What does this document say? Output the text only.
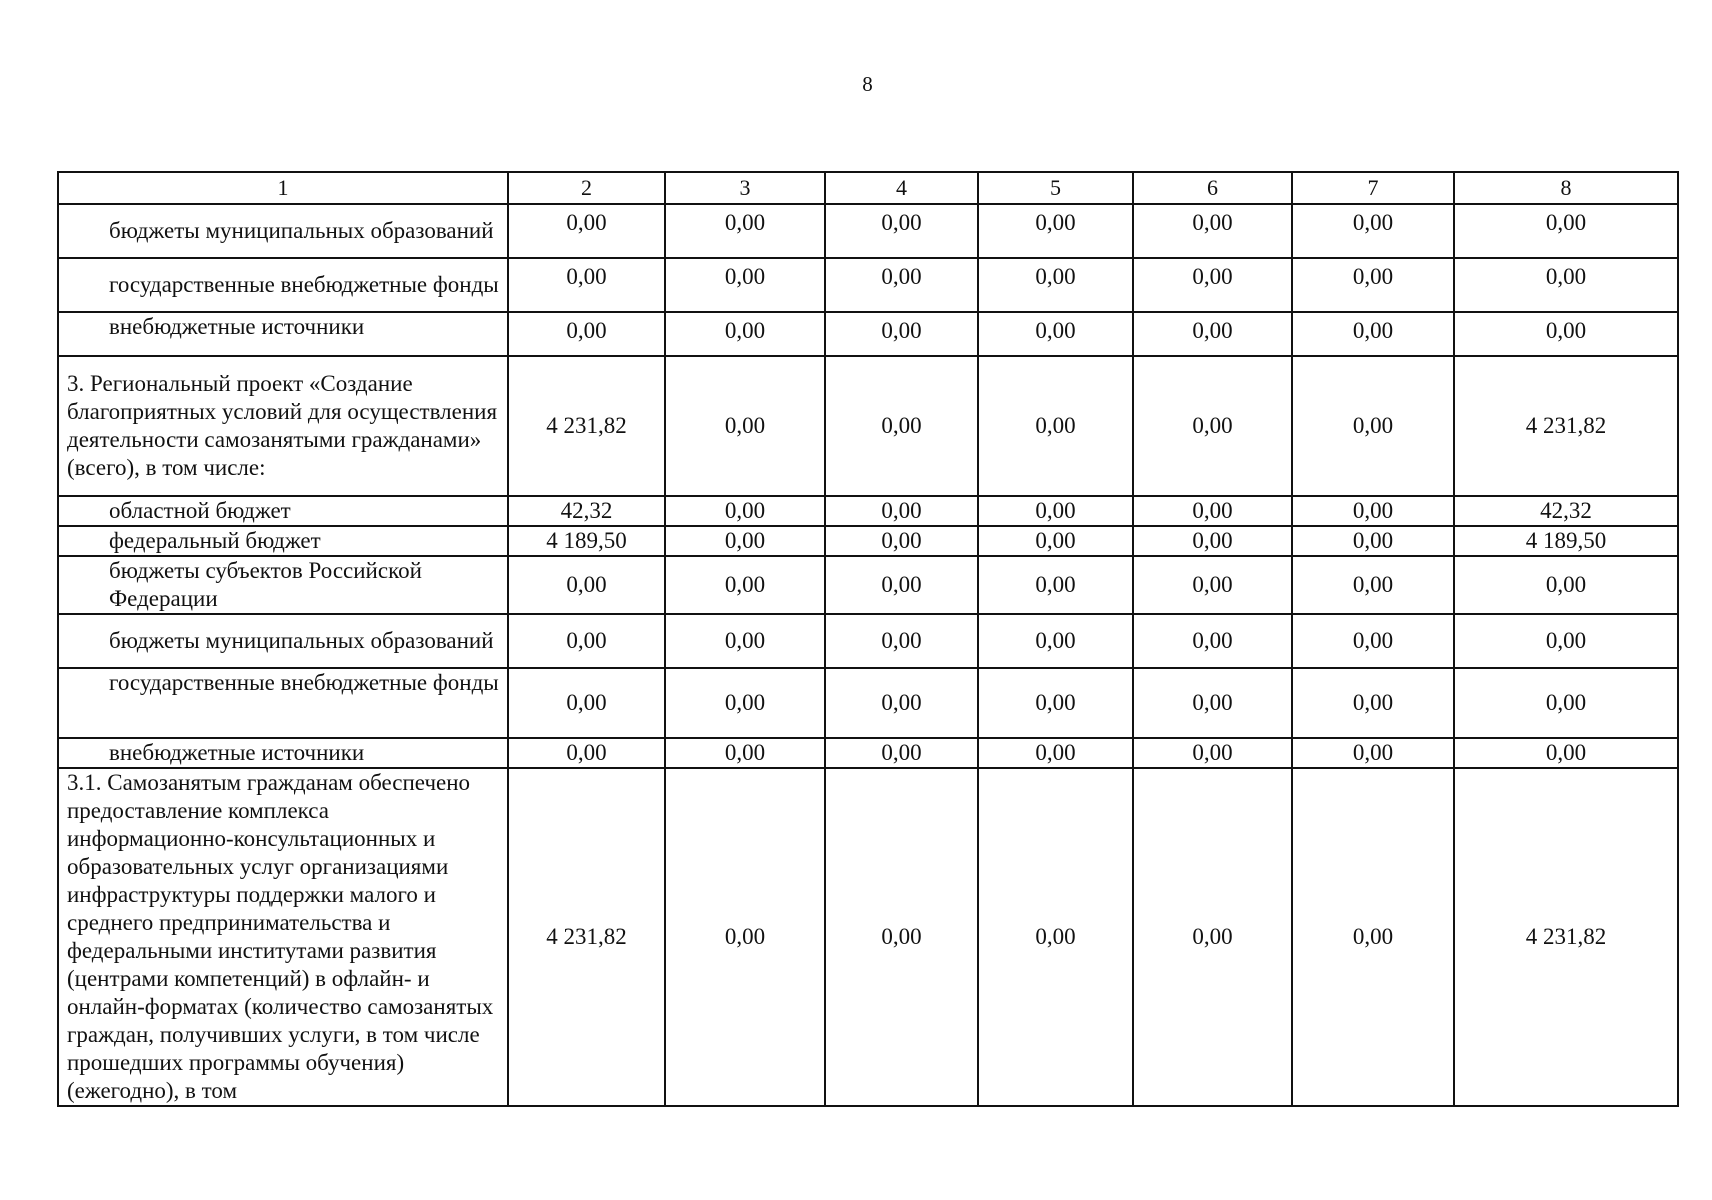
8
1	2	3	4	5	6	7	8
бюджеты муниципальных образований	0,00	0,00	0,00	0,00	0,00	0,00	0,00
государственные внебюджетные фонды	0,00	0,00	0,00	0,00	0,00	0,00	0,00
внебюджетные источники	0,00	0,00	0,00	0,00	0,00	0,00	0,00
3. Региональный проект «Создание благоприятных условий для осуществления деятельности самозанятыми гражданами» (всего), в том числе:	4 231,82	0,00	0,00	0,00	0,00	0,00	4 231,82
областной бюджет	42,32	0,00	0,00	0,00	0,00	0,00	42,32
федеральный бюджет	4 189,50	0,00	0,00	0,00	0,00	0,00	4 189,50
бюджеты субъектов Российской Федерации	0,00	0,00	0,00	0,00	0,00	0,00	0,00
бюджеты муниципальных образований	0,00	0,00	0,00	0,00	0,00	0,00	0,00
государственные внебюджетные фонды	0,00	0,00	0,00	0,00	0,00	0,00	0,00
внебюджетные источники	0,00	0,00	0,00	0,00	0,00	0,00	0,00
3.1. Самозанятым гражданам обеспечено предоставление комплекса информационно-консультационных и образовательных услуг организациями инфраструктуры поддержки малого и среднего предпринимательства и федеральными институтами развития (центрами компетенций) в офлайн- и онлайн-форматах (количество самозанятых граждан, получивших услуги, в том числе прошедших программы обучения) (ежегодно), в том	4 231,82	0,00	0,00	0,00	0,00	0,00	4 231,82
